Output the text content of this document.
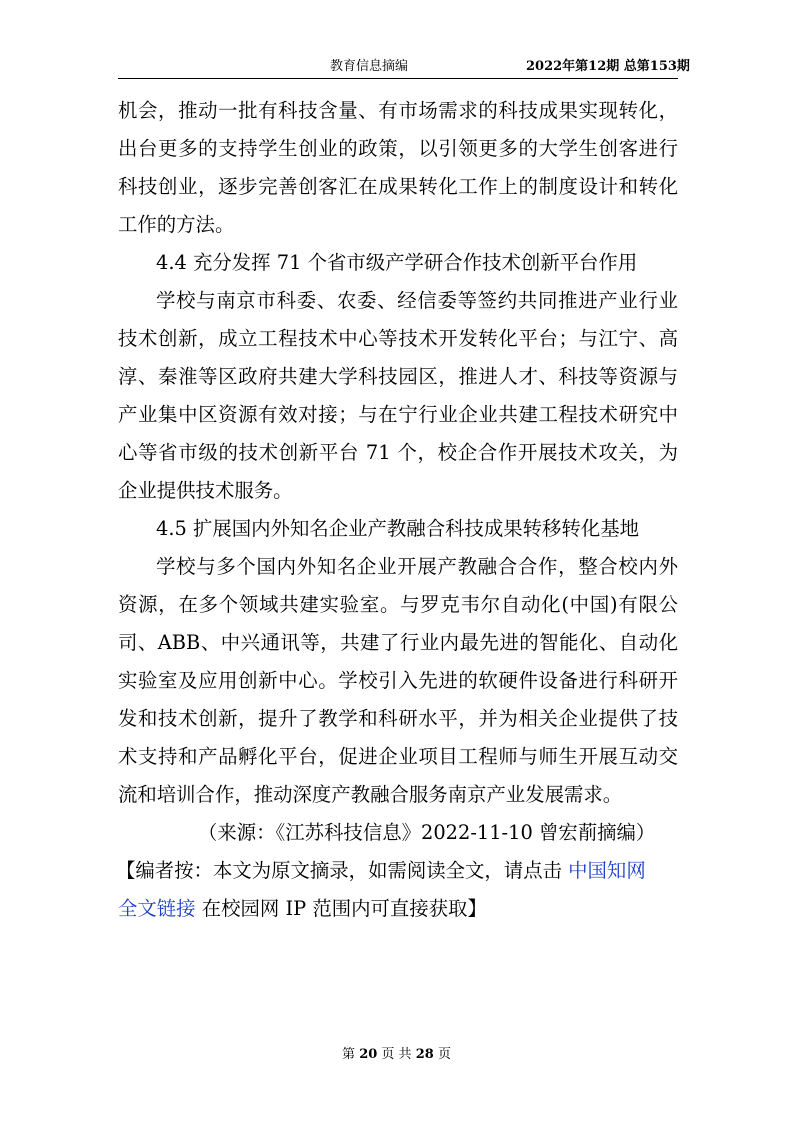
教育信息摘编	2022年第12期 总第153期
机会，推动一批有科技含量、有市场需求的科技成果实现转化，
出台更多的支持学生创业的政策，以引领更多的大学生创客进行
科技创业，逐步完善创客汇在成果转化工作上的制度设计和转化
工作的方法。
4.4 充分发挥 71 个省市级产学研合作技术创新平台作用
学校与南京市科委、农委、经信委等签约共同推进产业行业
技术创新，成立工程技术中心等技术开发转化平台；与江宁、高
淳、秦淮等区政府共建大学科技园区，推进人才、科技等资源与
产业集中区资源有效对接；与在宁行业企业共建工程技术研究中
心等省市级的技术创新平台 71 个，校企合作开展技术攻关，为
企业提供技术服务。
4.5 扩展国内外知名企业产教融合科技成果转移转化基地
学校与多个国内外知名企业开展产教融合合作，整合校内外
资源，在多个领域共建实验室。与罗克韦尔自动化(中国)有限公
司、ABB、中兴通讯等，共建了行业内最先进的智能化、自动化
实验室及应用创新中心。学校引入先进的软硬件设备进行科研开
发和技术创新，提升了教学和科研水平，并为相关企业提供了技
术支持和产品孵化平台，促进企业项目工程师与师生开展互动交
流和培训合作，推动深度产教融合服务南京产业发展需求。
（来源：《江苏科技信息》2022-11-10 曾宏萷摘编）
【编者按：本文为原文摘录，如需阅读全文，请点击 中国知网
全文链接 在校园网 IP 范围内可直接获取】
第 20 页 共 28 页
